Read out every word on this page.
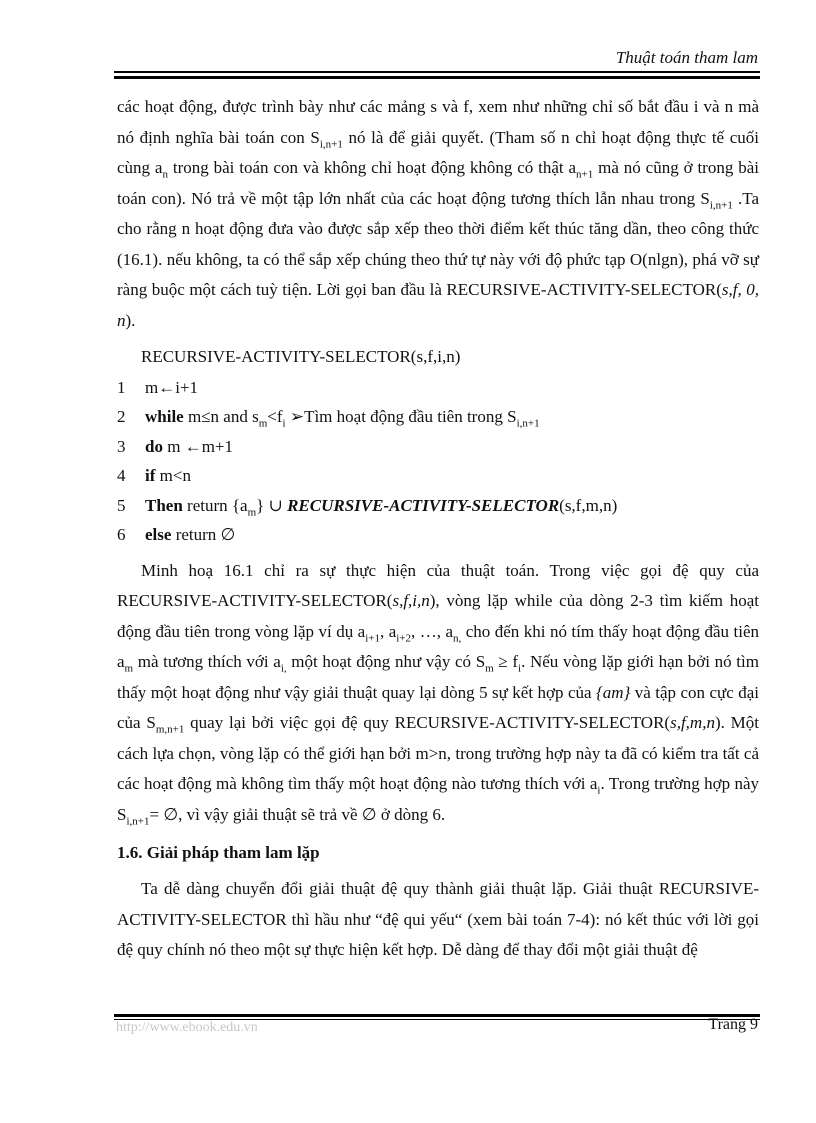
Thuật toán tham lam

các hoạt động, được trình bày như các mảng s và f, xem như những chỉ số bắt đầu i và n mà nó định nghĩa bài toán con $S_{i,n+1}$ nó là để giải quyết. (Tham số n chỉ hoạt động thực tế cuối cùng $a_n$ trong bài toán con và không chỉ hoạt động không có thật $a_{n+1}$ mà nó cũng ở trong bài toán con). Nó trả về một tập lớn nhất của các hoạt động tương thích lẫn nhau trong $S_{i,n+1}$ .Ta cho rằng n hoạt động đưa vào được sắp xếp theo thời điểm kết thúc tăng dần, theo công thức (16.1). nếu không, ta có thể sắp xếp chúng theo thứ tự này với độ phức tạp O(nlgn), phá vỡ sự ràng buộc một cách tuỳ tiện. Lời gọi ban đầu là RECURSIVE-ACTIVITY-SELECTOR(s,f, 0, n).

RECURSIVE-ACTIVITY-SELECTOR(s,f,i,n)
1	m←i+1
2	while m≤n and $s_m<f_i$ ➢Tìm hoạt động đầu tiên trong $S_{i,n+1}$
3	do m ←m+1
4	if m<n
5	Then return $\{a_m\}$ ∪ RECURSIVE-ACTIVITY-SELECTOR(s,f,m,n)
6	else return ∅

Minh hoạ 16.1 chỉ ra sự thực hiện của thuật toán. Trong việc gọi đệ quy của RECURSIVE-ACTIVITY-SELECTOR(s,f,i,n), vòng lặp while của dòng 2-3 tìm kiếm hoạt động đầu tiên trong vòng lặp ví dụ $a_{i+1}$, $a_{i+2}$, …, $a_{n,}$ cho đến khi nó tím thấy hoạt động đầu tiên $a_m$ mà tương thích với $a_{i,}$ một hoạt động như vậy có $S_m \ge f_i$. Nếu vòng lặp giới hạn bởi nó tìm thấy một hoạt động như vậy giải thuật quay lại dòng 5 sự kết hợp của {am} và tập con cực đại của $S_{m,n+1}$ quay lại bởi việc gọi đệ quy RECURSIVE-ACTIVITY-SELECTOR(s,f,m,n). Một cách lựa chọn, vòng lặp có thể giới hạn bởi m>n, trong trường hợp này ta đã có kiểm tra tất cả các hoạt động mà không tìm thấy một hoạt động nào tương thích với $a_i$. Trong trường hợp này $S_{i,n+1}=$ ∅, vì vậy giải thuật sẽ trả về ∅ ở dòng 6.

1.6. Giải pháp tham lam lặp

Ta dễ dàng chuyển đổi giải thuật đệ quy thành giải thuật lặp. Giải thuật RECURSIVE-ACTIVITY-SELECTOR thì hầu như “đệ qui yếu“ (xem bài toán 7-4): nó kết thúc với lời gọi đệ quy chính nó theo một sự thực hiện kết hợp. Dễ dàng để thay đổi một giải thuật đệ

http://www.ebook.edu.vn	Trang 9
